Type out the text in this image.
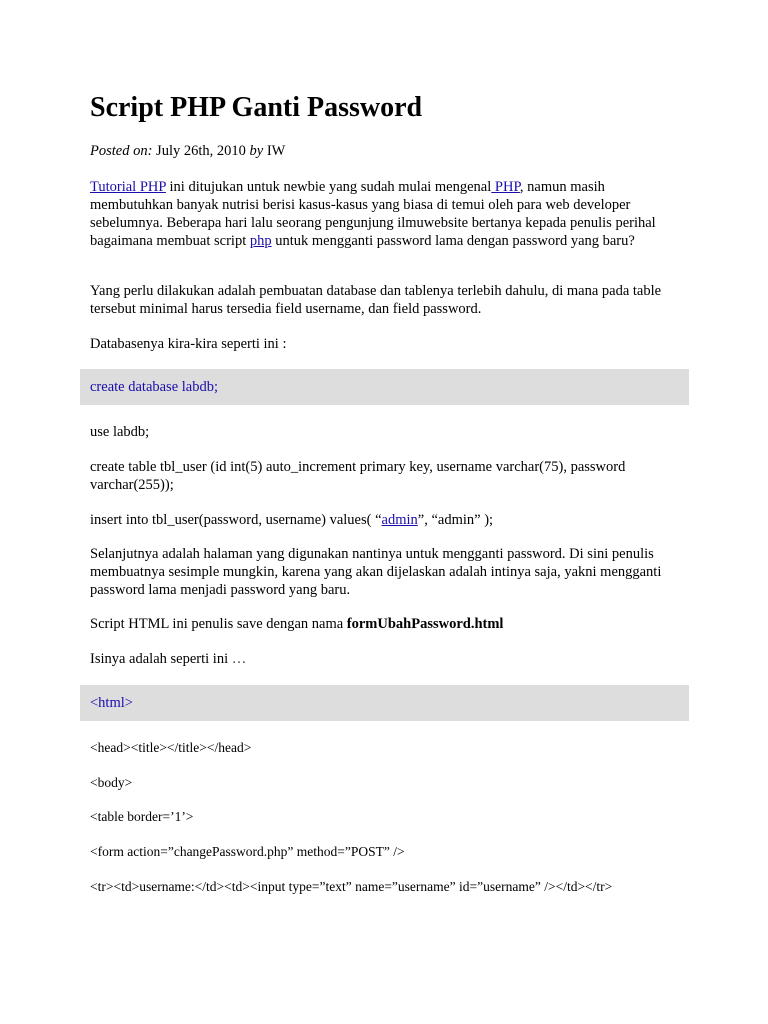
Script PHP Ganti Password

Posted on: July 26th, 2010 by IW

Tutorial PHP ini ditujukan untuk newbie yang sudah mulai mengenal PHP, namun masih membutuhkan banyak nutrisi berisi kasus-kasus yang biasa di temui oleh para web developer sebelumnya. Beberapa hari lalu seorang pengunjung ilmuwebsite bertanya kepada penulis perihal bagaimana membuat script php untuk mengganti password lama dengan password yang baru?

Yang perlu dilakukan adalah pembuatan database dan tablenya terlebih dahulu, di mana pada table tersebut minimal harus tersedia field username, dan field password.

Databasenya kira-kira seperti ini :

create database labdb;

use labdb;

create table tbl_user (id int(5) auto_increment primary key, username varchar(75), password varchar(255));

insert into tbl_user(password, username) values( “admin”, “admin” );

Selanjutnya adalah halaman yang digunakan nantinya untuk mengganti password. Di sini penulis membuatnya sesimple mungkin, karena yang akan dijelaskan adalah intinya saja, yakni mengganti password lama menjadi password yang baru.

Script HTML ini penulis save dengan nama formUbahPassword.html

Isinya adalah seperti ini …

<html>
<head><title></title></head>
<body>
<table border=’1’>
<form action=”changePassword.php” method=”POST” />
<tr><td>username:</td><td><input type=”text” name=”username” id=”username” /></td></tr>
